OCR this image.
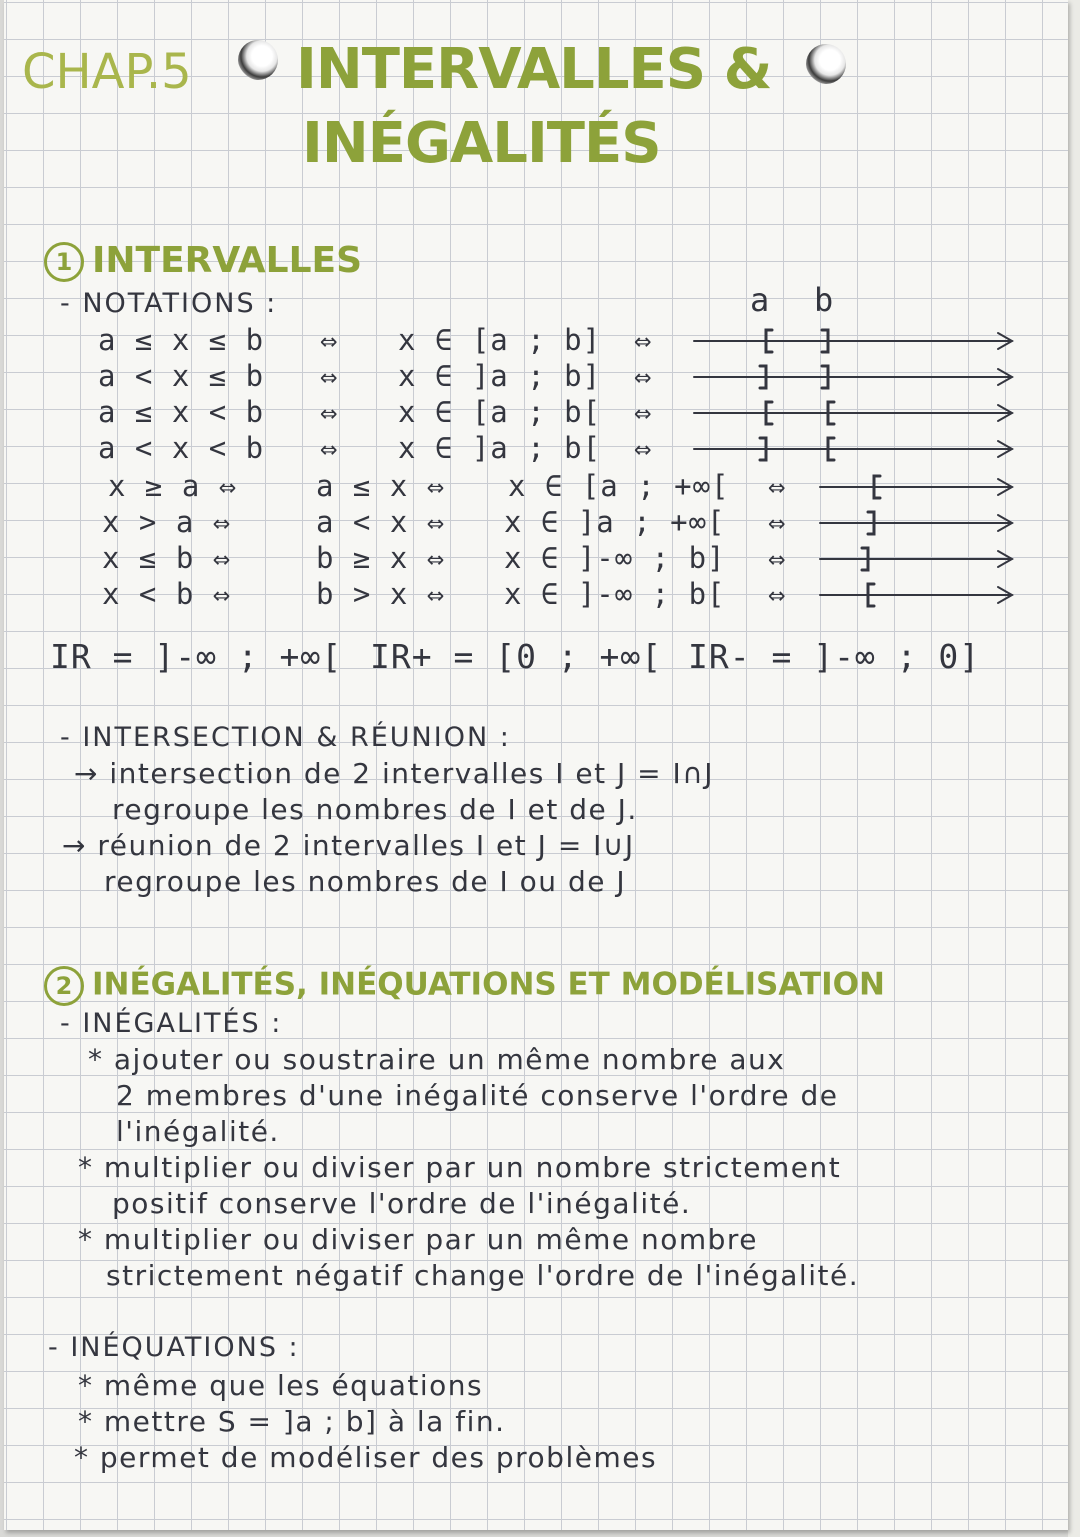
CHAP.5 INTERVALLES &
INÉGALITÉS
1 INTERVALLES
- NOTATIONS :	a b
a ≤ x ≤ b ⇔ x ∈ [a ; b] ⇔
a < x ≤ b ⇔ x ∈ ]a ; b] ⇔
a ≤ x < b ⇔ x ∈ [a ; b[ ⇔
a < x < b ⇔ x ∈ ]a ; b[ ⇔
x ≥ a ⇔	a ≤ x ⇔ x ∈ [a ; +∞[ ⇔
x > a ⇔	a < x ⇔ x ∈ ]a ; +∞[ ⇔
x ≤ b ⇔	b ≥ x ⇔ x ∈ ]-∞ ; b] ⇔
x < b ⇔	b > x ⇔ x ∈ ]-∞ ; b[ ⇔
IR = ]-∞ ; +∞[ IR+ = [0 ; +∞[ IR- = ]-∞ ; 0]
- INTERSECTION & RÉUNION :
→ intersection de 2 intervalles I et J = I∩J
regroupe les nombres de I et de J.
→ réunion de 2 intervalles I et J = I∪J
regroupe les nombres de I ou de J
2 INÉGALITÉS, INÉQUATIONS ET MODÉLISATION
- INÉGALITÉS :
* ajouter ou soustraire un même nombre aux
2 membres d'une inégalité conserve l'ordre de
l'inégalité.
* multiplier ou diviser par un nombre strictement
positif conserve l'ordre de l'inégalité.
* multiplier ou diviser par un même nombre
strictement négatif change l'ordre de l'inégalité.
- INÉQUATIONS :
* même que les équations
* mettre S = ]a ; b] à la fin.
* permet de modéliser des problèmes
